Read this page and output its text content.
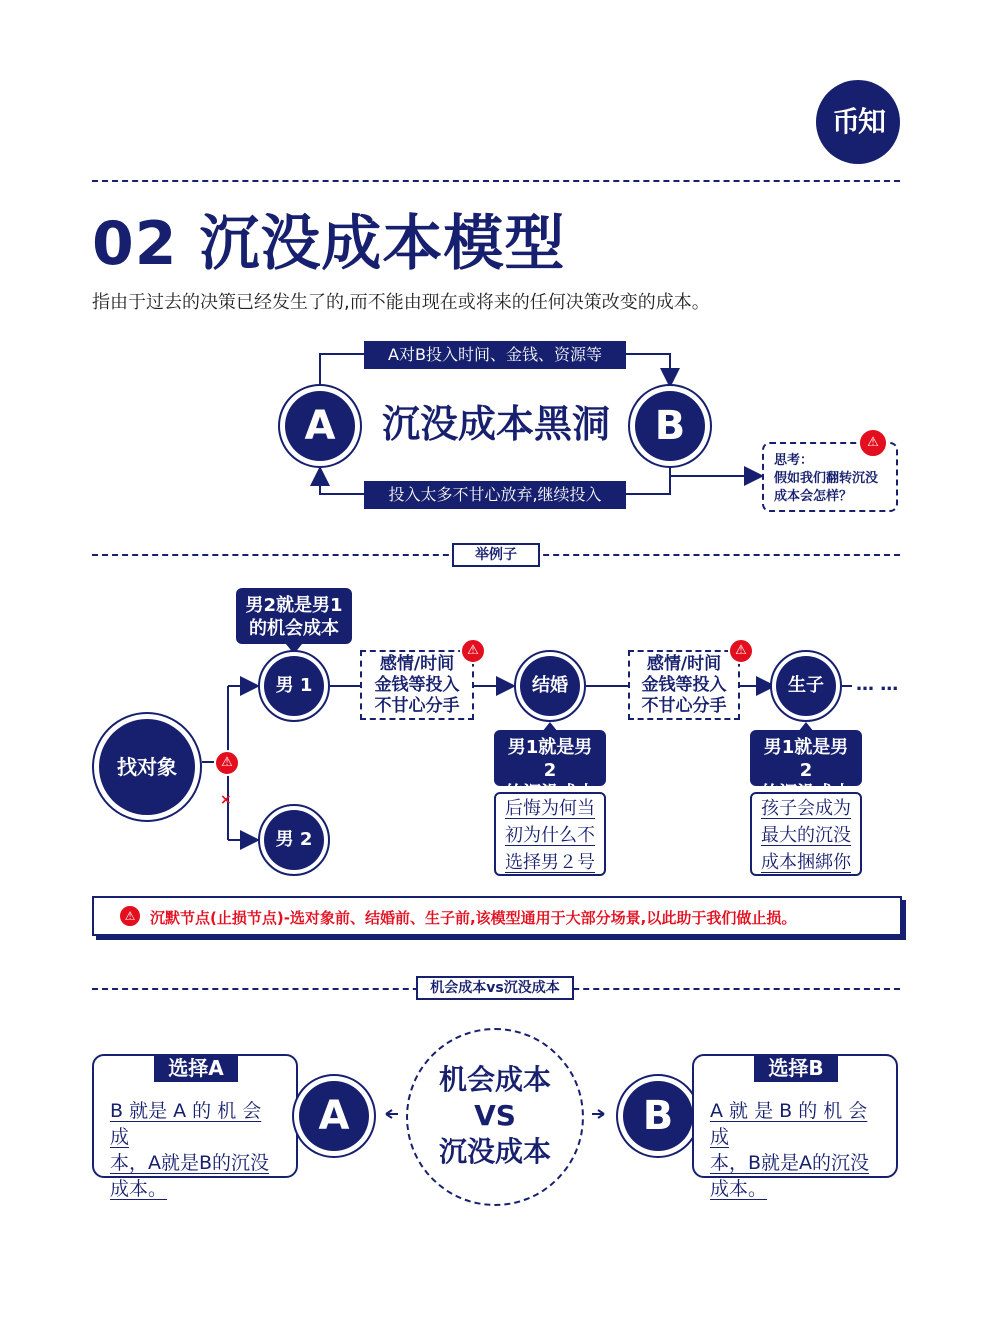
币知
02 沉没成本模型
指由于过去的决策已经发生了的,而不能由现在或将来的任何决策改变的成本。
A对B投入时间、金钱、资源等
投入太多不甘心放弃,继续投入
A	B
沉没成本黑洞
思考：
假如我们翻转沉没
成本会怎样？
⚠
举例子
找对象	⚠
×
男2就是男1
的机会成本
男 1
男 2
感情/时间
金钱等投入
不甘心分手
⚠
结婚
感情/时间
金钱等投入
不甘心分手
⚠
生子	… …
男1就是男2
后悔为何当
初为什么不
选择男２号
男1就是男2
孩子会成为
最大的沉没
成本捆綁你
⚠ 沉默节点(止损节点)-选对象前、结婚前、生子前,该模型通用于大部分场景,以此助于我们做止损。
机会成本vs沉没成本
B 就是 A 的 机 会 成
本，A就是B的沉没
成本。
选择A
A
机会成本
VS
沉没成本
B	A 就 是 B 的 机 会 成
本，B就是A的沉没
成本。
选择B
